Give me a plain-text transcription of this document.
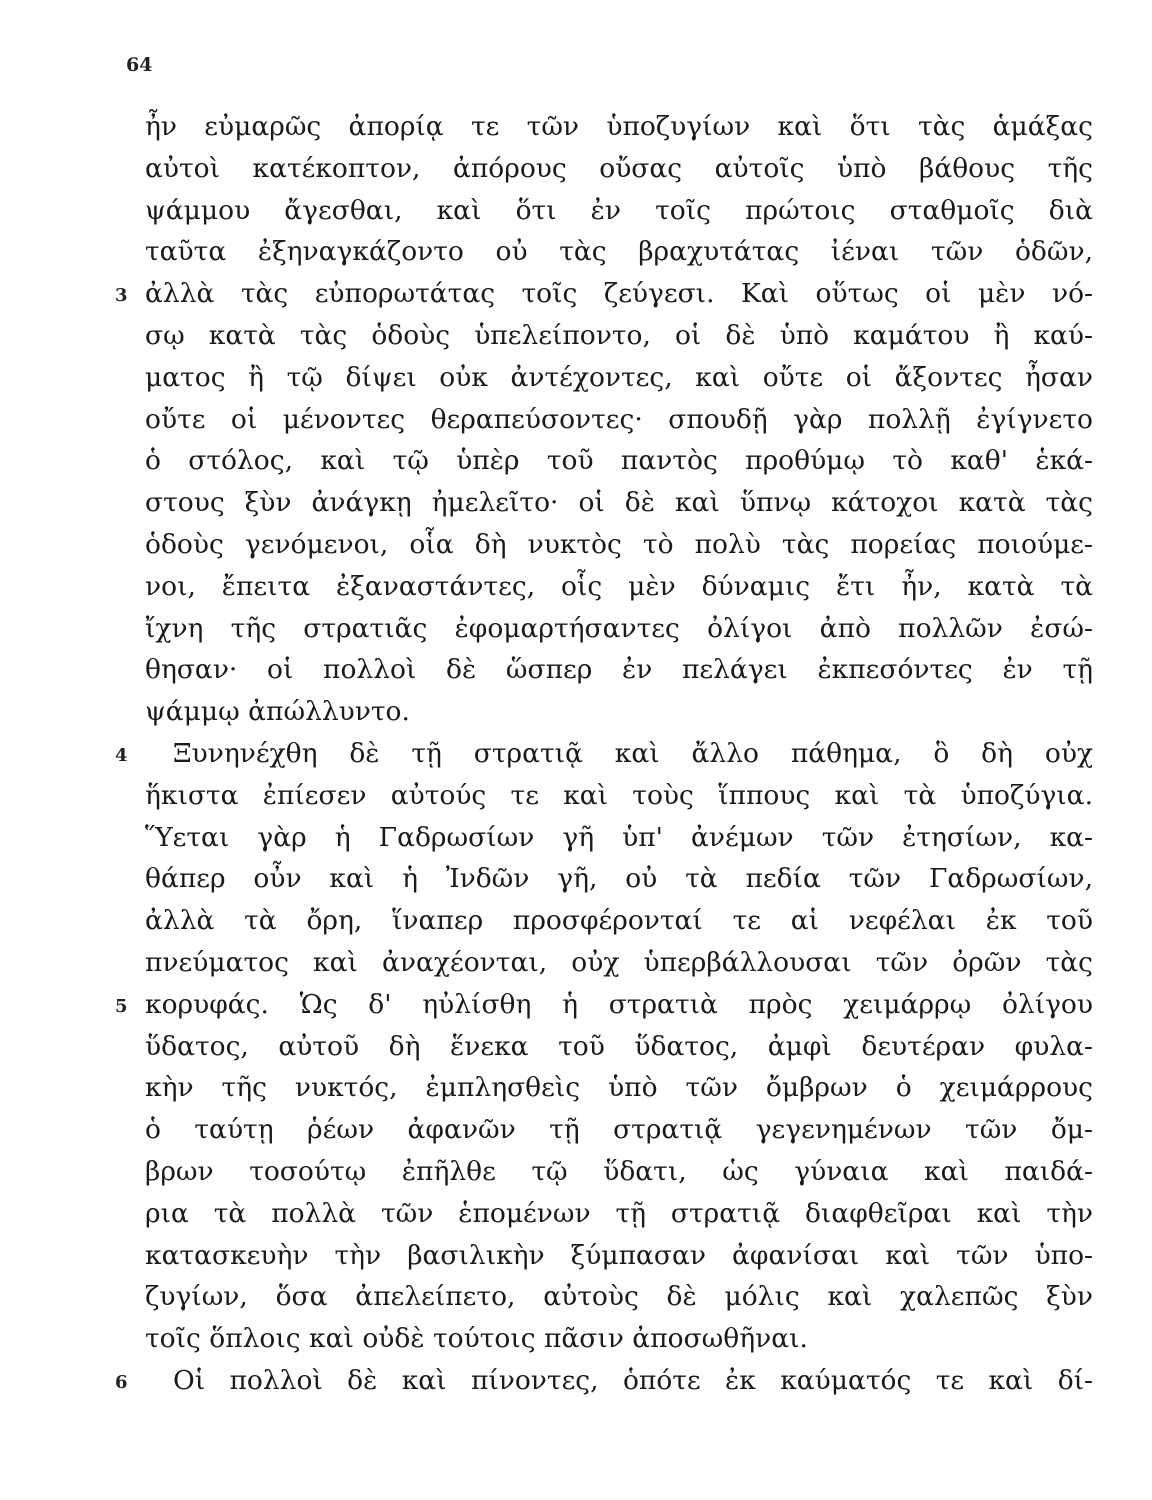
64
ἦν εὐμαρῶς ἀπορίᾳ τε τῶν ὑποζυγίων καὶ ὅτι τὰς ἁμάξας
αὐτοὶ κατέκοπτον, ἀπόρους οὔσας αὐτοῖς ὑπὸ βάθους τῆς
ψάμμου ἄγεσθαι, καὶ ὅτι ἐν τοῖς πρώτοις σταθμοῖς διὰ
ταῦτα ἐξηναγκάζοντο οὐ τὰς βραχυτάτας ἰέναι τῶν ὁδῶν,
3 ἀλλὰ τὰς εὐπορωτάτας τοῖς ζεύγεσι. Καὶ οὕτως οἱ μὲν νό-
σῳ κατὰ τὰς ὁδοὺς ὑπελείποντο, οἱ δὲ ὑπὸ καμάτου ἢ καύ-
ματος ἢ τῷ δίψει οὐκ ἀντέχοντες, καὶ οὔτε οἱ ἄξοντες ἦσαν
οὔτε οἱ μένοντες θεραπεύσοντες· σπουδῇ γὰρ πολλῇ ἐγίγνετο
ὁ στόλος, καὶ τῷ ὑπὲρ τοῦ παντὸς προθύμῳ τὸ καθ' ἑκά-
στους ξὺν ἀνάγκῃ ἠμελεῖτο· οἱ δὲ καὶ ὕπνῳ κάτοχοι κατὰ τὰς
ὁδοὺς γενόμενοι, οἷα δὴ νυκτὸς τὸ πολὺ τὰς πορείας ποιούμε-
νοι, ἔπειτα ἐξαναστάντες, οἷς μὲν δύναμις ἔτι ἦν, κατὰ τὰ
ἴχνη τῆς στρατιᾶς ἐφομαρτήσαντες ὀλίγοι ἀπὸ πολλῶν ἐσώ-
θησαν· οἱ πολλοὶ δὲ ὥσπερ ἐν πελάγει ἐκπεσόντες ἐν τῇ
ψάμμῳ ἀπώλλυντο.
4	Ξυνηνέχθη δὲ τῇ στρατιᾷ καὶ ἄλλο πάθημα, ὃ δὴ οὐχ
ἥκιστα ἐπίεσεν αὐτούς τε καὶ τοὺς ἵππους καὶ τὰ ὑποζύγια.
Ὕεται γὰρ ἡ Γαδρωσίων γῆ ὑπ' ἀνέμων τῶν ἐτησίων, κα-
θάπερ οὖν καὶ ἡ Ἰνδῶν γῆ, οὐ τὰ πεδία τῶν Γαδρωσίων,
ἀλλὰ τὰ ὄρη, ἵναπερ προσφέρονταί τε αἱ νεφέλαι ἐκ τοῦ
πνεύματος καὶ ἀναχέονται, οὐχ ὑπερβάλλουσαι τῶν ὀρῶν τὰς
5 κορυφάς. Ὡς δ' ηὐλίσθη ἡ στρατιὰ πρὸς χειμάρρῳ ὀλίγου
ὕδατος, αὐτοῦ δὴ ἕνεκα τοῦ ὕδατος, ἀμφὶ δευτέραν φυλα-
κὴν τῆς νυκτός, ἐμπλησθεὶς ὑπὸ τῶν ὄμβρων ὁ χειμάρρους
ὁ ταύτῃ ῥέων ἀφανῶν τῇ στρατιᾷ γεγενημένων τῶν ὄμ-
βρων τοσούτῳ ἐπῆλθε τῷ ὕδατι, ὡς γύναια καὶ παιδά-
ρια τὰ πολλὰ τῶν ἑπομένων τῇ στρατιᾷ διαφθεῖραι καὶ τὴν
κατασκευὴν τὴν βασιλικὴν ξύμπασαν ἀφανίσαι καὶ τῶν ὑπο-
ζυγίων, ὅσα ἀπελείπετο, αὐτοὺς δὲ μόλις καὶ χαλεπῶς ξὺν
τοῖς ὅπλοις καὶ οὐδὲ τούτοις πᾶσιν ἀποσωθῆναι.
6	Οἱ πολλοὶ δὲ καὶ πίνοντες, ὁπότε ἐκ καύματός τε καὶ δί-
